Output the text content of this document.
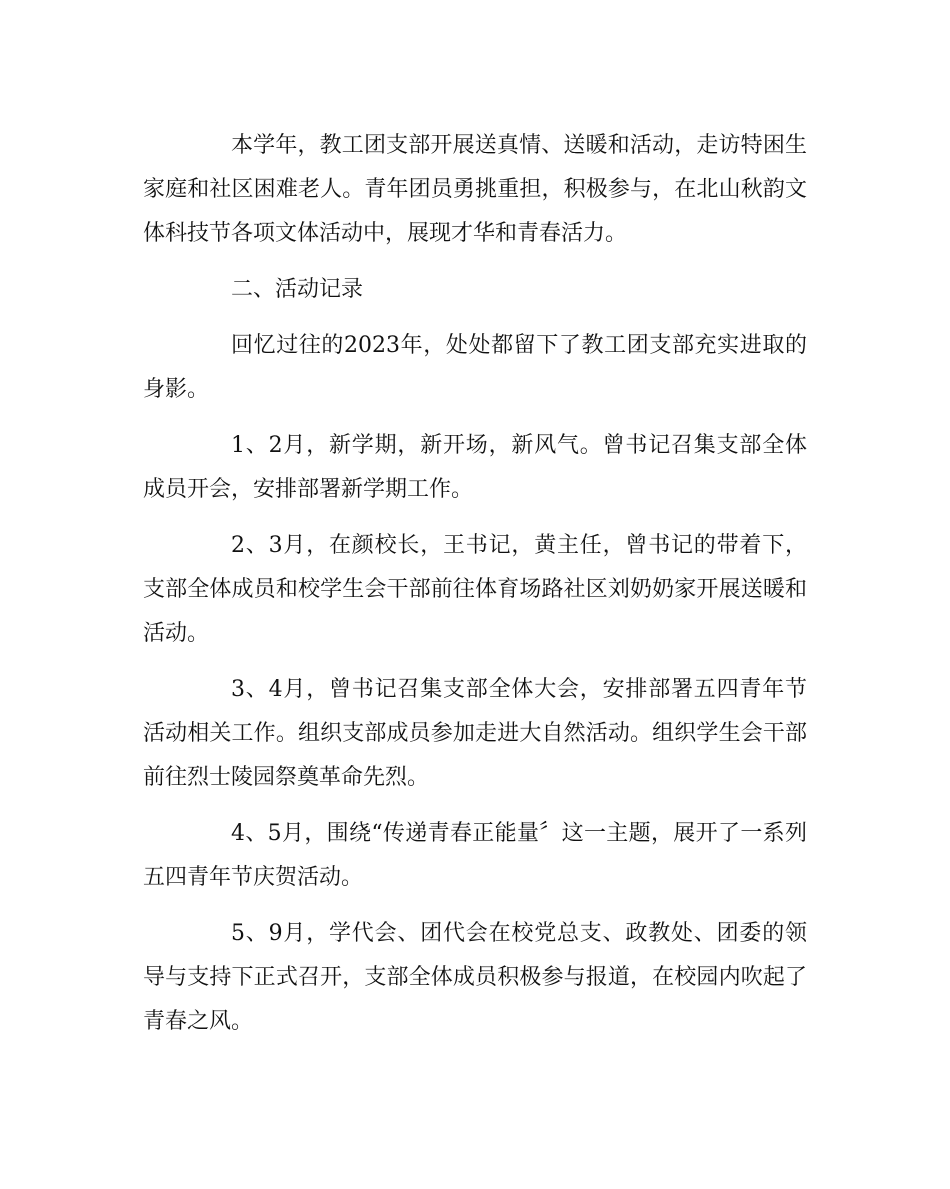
本学年，教工团支部开展送真情、送暖和活动，走访特困生家庭和社区困难老人。青年团员勇挑重担，积极参与，在北山秋韵文体科技节各项文体活动中，展现才华和青春活力。

二、活动记录

回忆过往的2023年，处处都留下了教工团支部充实进取的身影。

1、2月，新学期，新开场，新风气。曾书记召集支部全体成员开会，安排部署新学期工作。

2、3月，在颜校长，王书记，黄主任，曾书记的带着下，支部全体成员和校学生会干部前往体育场路社区刘奶奶家开展送暖和活动。

3、4月，曾书记召集支部全体大会，安排部署五四青年节活动相关工作。组织支部成员参加走进大自然活动。组织学生会干部前往烈士陵园祭奠革命先烈。

4、5月，围绕“传递青春正能量〞这一主题，展开了一系列五四青年节庆贺活动。

5、9月，学代会、团代会在校党总支、政教处、团委的领导与支持下正式召开，支部全体成员积极参与报道，在校园内吹起了青春之风。
